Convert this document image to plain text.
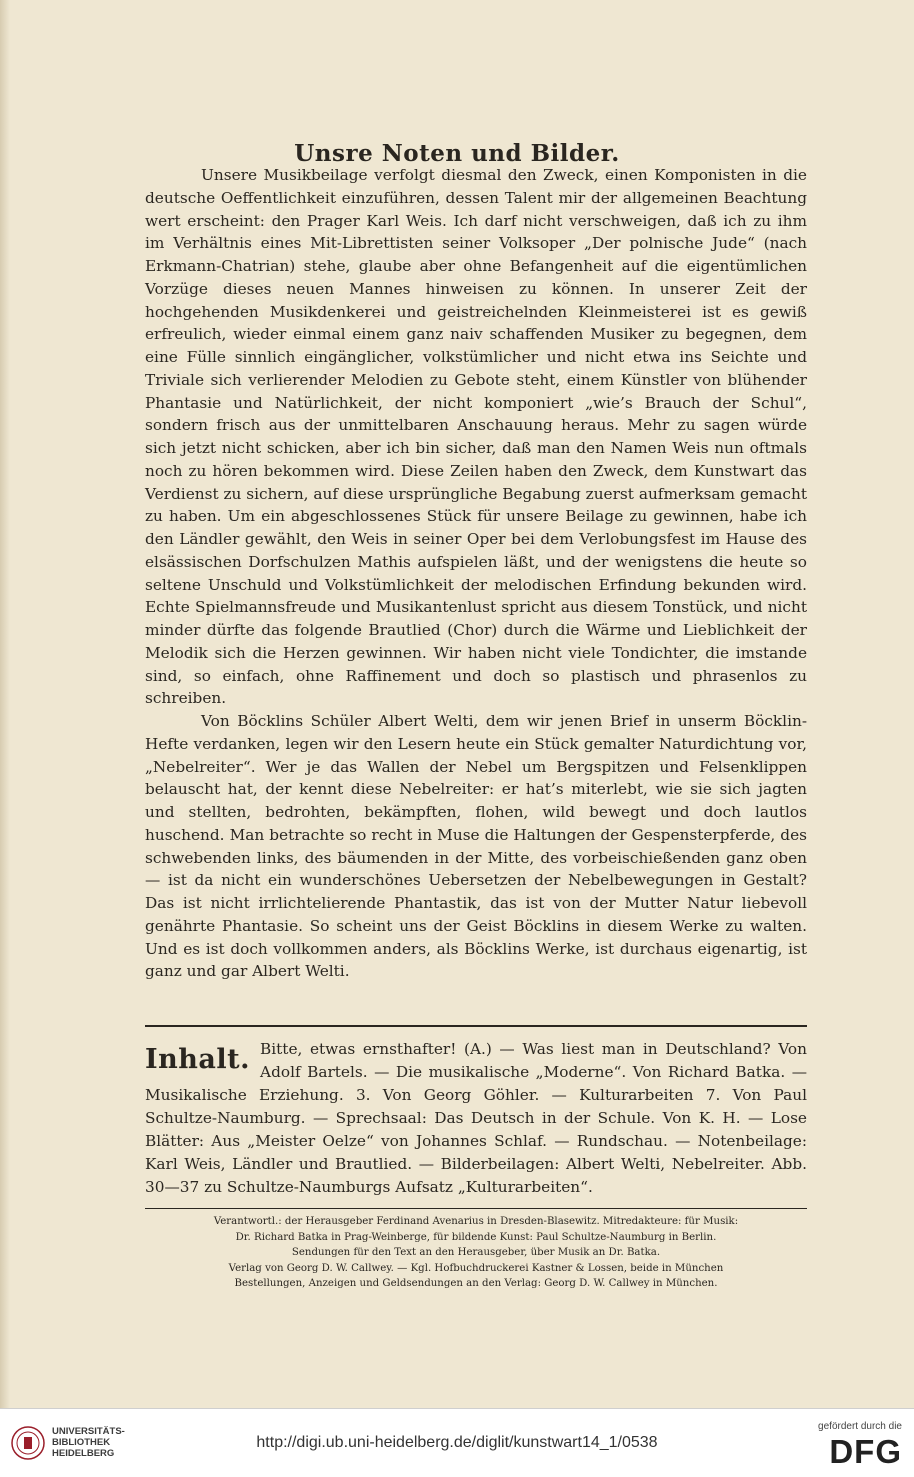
Unsre Noten und Bilder.

Unsere Musikbeilage verfolgt diesmal den Zweck, einen Komponisten in die deutsche Oeffentlichkeit einzuführen, dessen Talent mir der allgemeinen Beachtung wert erscheint: den Prager Karl Weis. Ich darf nicht verschweigen, daß ich zu ihm im Verhältnis eines Mit-Librettisten seiner Volksoper „Der polnische Jude“ (nach Erkmann-Chatrian) stehe, glaube aber ohne Befangenheit auf die eigentümlichen Vorzüge dieses neuen Mannes hinweisen zu können. In unserer Zeit der hochgehenden Musikdenkerei und geistreichelnden Kleinmeisterei ist es gewiß erfreulich, wieder einmal einem ganz naiv schaffenden Musiker zu begegnen, dem eine Fülle sinnlich eingänglicher, volkstümlicher und nicht etwa ins Seichte und Triviale sich verlierender Melodien zu Gebote steht, einem Künstler von blühender Phantasie und Natürlichkeit, der nicht komponiert „wie’s Brauch der Schul“, sondern frisch aus der unmittelbaren Anschauung heraus. Mehr zu sagen würde sich jetzt nicht schicken, aber ich bin sicher, daß man den Namen Weis nun oftmals noch zu hören bekommen wird. Diese Zeilen haben den Zweck, dem Kunstwart das Verdienst zu sichern, auf diese ursprüngliche Begabung zuerst aufmerksam gemacht zu haben. Um ein abgeschlossenes Stück für unsere Beilage zu gewinnen, habe ich den Ländler gewählt, den Weis in seiner Oper bei dem Verlobungsfest im Hause des elsässischen Dorfschulzen Mathis aufspielen läßt, und der wenigstens die heute so seltene Unschuld und Volkstümlichkeit der melodischen Erfindung bekunden wird. Echte Spielmannsfreude und Musikantenlust spricht aus diesem Tonstück, und nicht minder dürfte das folgende Brautlied (Chor) durch die Wärme und Lieblichkeit der Melodik sich die Herzen gewinnen. Wir haben nicht viele Tondichter, die imstande sind, so einfach, ohne Raffinement und doch so plastisch und phrasenlos zu schreiben.

Von Böcklins Schüler Albert Welti, dem wir jenen Brief in unserm Böcklin-Hefte verdanken, legen wir den Lesern heute ein Stück gemalter Naturdichtung vor, „Nebelreiter“. Wer je das Wallen der Nebel um Bergspitzen und Felsenklippen belauscht hat, der kennt diese Nebelreiter: er hat’s miterlebt, wie sie sich jagten und stellten, bedrohten, bekämpften, flohen, wild bewegt und doch lautlos huschend. Man betrachte so recht in Muse die Haltungen der Gespensterpferde, des schwebenden links, des bäumenden in der Mitte, des vorbeischießenden ganz oben — ist da nicht ein wunderschönes Uebersetzen der Nebelbewegungen in Gestalt? Das ist nicht irrlichtelierende Phantastik, das ist von der Mutter Natur liebevoll genährte Phantasie. So scheint uns der Geist Böcklins in diesem Werke zu walten. Und es ist doch vollkommen anders, als Böcklins Werke, ist durchaus eigenartig, ist ganz und gar Albert Welti.

Inhalt. Bitte, etwas ernsthafter! (A.) — Was liest man in Deutschland? Von Adolf Bartels. — Die musikalische „Moderne“. Von Richard Batka. — Musikalische Erziehung. 3. Von Georg Göhler. — Kulturarbeiten 7. Von Paul Schultze-Naumburg. — Sprechsaal: Das Deutsch in der Schule. Von K. H. — Lose Blätter: Aus „Meister Oelze“ von Johannes Schlaf. — Rundschau. — Notenbeilage: Karl Weis, Ländler und Brautlied. — Bilderbeilagen: Albert Welti, Nebelreiter. Abb. 30—37 zu Schultze-Naumburgs Aufsatz „Kulturarbeiten“.
Verantwortl.: der Herausgeber Ferdinand Avenarius in Dresden-Blasewitz. Mitredakteure: für Musik:
Dr. Richard Batka in Prag-Weinberge, für bildende Kunst: Paul Schultze-Naumburg in Berlin.
Sendungen für den Text an den Herausgeber, über Musik an Dr. Batka.
Verlag von Georg D. W. Callwey. — Kgl. Hofbuchdruckerei Kastner & Lossen, beide in München
Bestellungen, Anzeigen und Geldsendungen an den Verlag: Georg D. W. Callwey in München.
UNIVERSITÄTS-
BIBLIOTHEK
HEIDELBERG
http://digi.ub.uni-heidelberg.de/diglit/kunstwart14_1/0538
gefördert durch die
DFG
